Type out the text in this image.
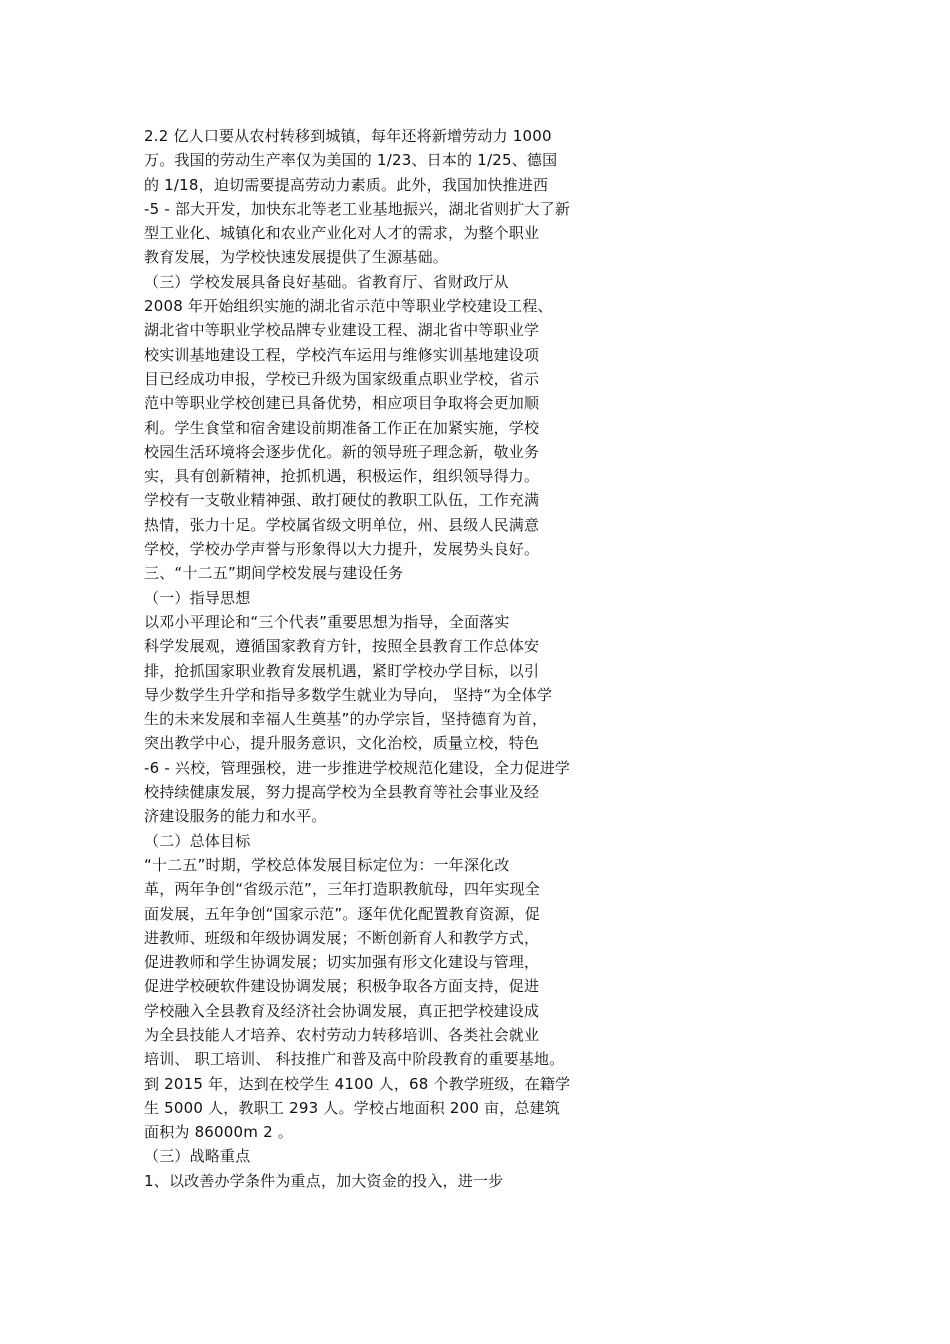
2.2 亿人口要从农村转移到城镇，每年还将新增劳动力 1000
万。我国的劳动生产率仅为美国的 1/23、日本的 1/25、德国
的 1/18，迫切需要提高劳动力素质。此外，我国加快推进西
-5 - 部大开发，加快东北等老工业基地振兴，湖北省则扩大了新
型工业化、城镇化和农业产业化对人才的需求，为整个职业
教育发展，为学校快速发展提供了生源基础。
（三）学校发展具备良好基础。省教育厅、省财政厅从
2008 年开始组织实施的湖北省示范中等职业学校建设工程、
湖北省中等职业学校品牌专业建设工程、湖北省中等职业学
校实训基地建设工程，学校汽车运用与维修实训基地建设项
目已经成功申报，学校已升级为国家级重点职业学校，省示
范中等职业学校创建已具备优势，相应项目争取将会更加顺
利。学生食堂和宿舍建设前期准备工作正在加紧实施，学校
校园生活环境将会逐步优化。新的领导班子理念新，敬业务
实，具有创新精神，抢抓机遇，积极运作，组织领导得力。
学校有一支敬业精神强、敢打硬仗的教职工队伍，工作充满
热情，张力十足。学校属省级文明单位，州、县级人民满意
学校，学校办学声誉与形象得以大力提升，发展势头良好。
三、“十二五”期间学校发展与建设任务
（一）指导思想
以邓小平理论和“三个代表”重要思想为指导，全面落实
科学发展观，遵循国家教育方针，按照全县教育工作总体安
排，抢抓国家职业教育发展机遇，紧盯学校办学目标，以引
导少数学生升学和指导多数学生就业为导向， 坚持“为全体学
生的未来发展和幸福人生奠基”的办学宗旨，坚持德育为首，
突出教学中心，提升服务意识，文化治校，质量立校，特色
-6 - 兴校，管理强校，进一步推进学校规范化建设，全力促进学
校持续健康发展，努力提高学校为全县教育等社会事业及经
济建设服务的能力和水平。
（二）总体目标
“十二五”时期，学校总体发展目标定位为：一年深化改
革，两年争创“省级示范”，三年打造职教航母，四年实现全
面发展，五年争创“国家示范”。逐年优化配置教育资源，促
进教师、班级和年级协调发展；不断创新育人和教学方式，
促进教师和学生协调发展；切实加强有形文化建设与管理，
促进学校硬软件建设协调发展；积极争取各方面支持，促进
学校融入全县教育及经济社会协调发展，真正把学校建设成
为全县技能人才培养、农村劳动力转移培训、各类社会就业
培训、 职工培训、 科技推广和普及高中阶段教育的重要基地。
到 2015 年，达到在校学生 4100 人，68 个教学班级，在籍学
生 5000 人，教职工 293 人。学校占地面积 200 亩，总建筑
面积为 86000m 2 。
（三）战略重点
1、以改善办学条件为重点，加大资金的投入，进一步
